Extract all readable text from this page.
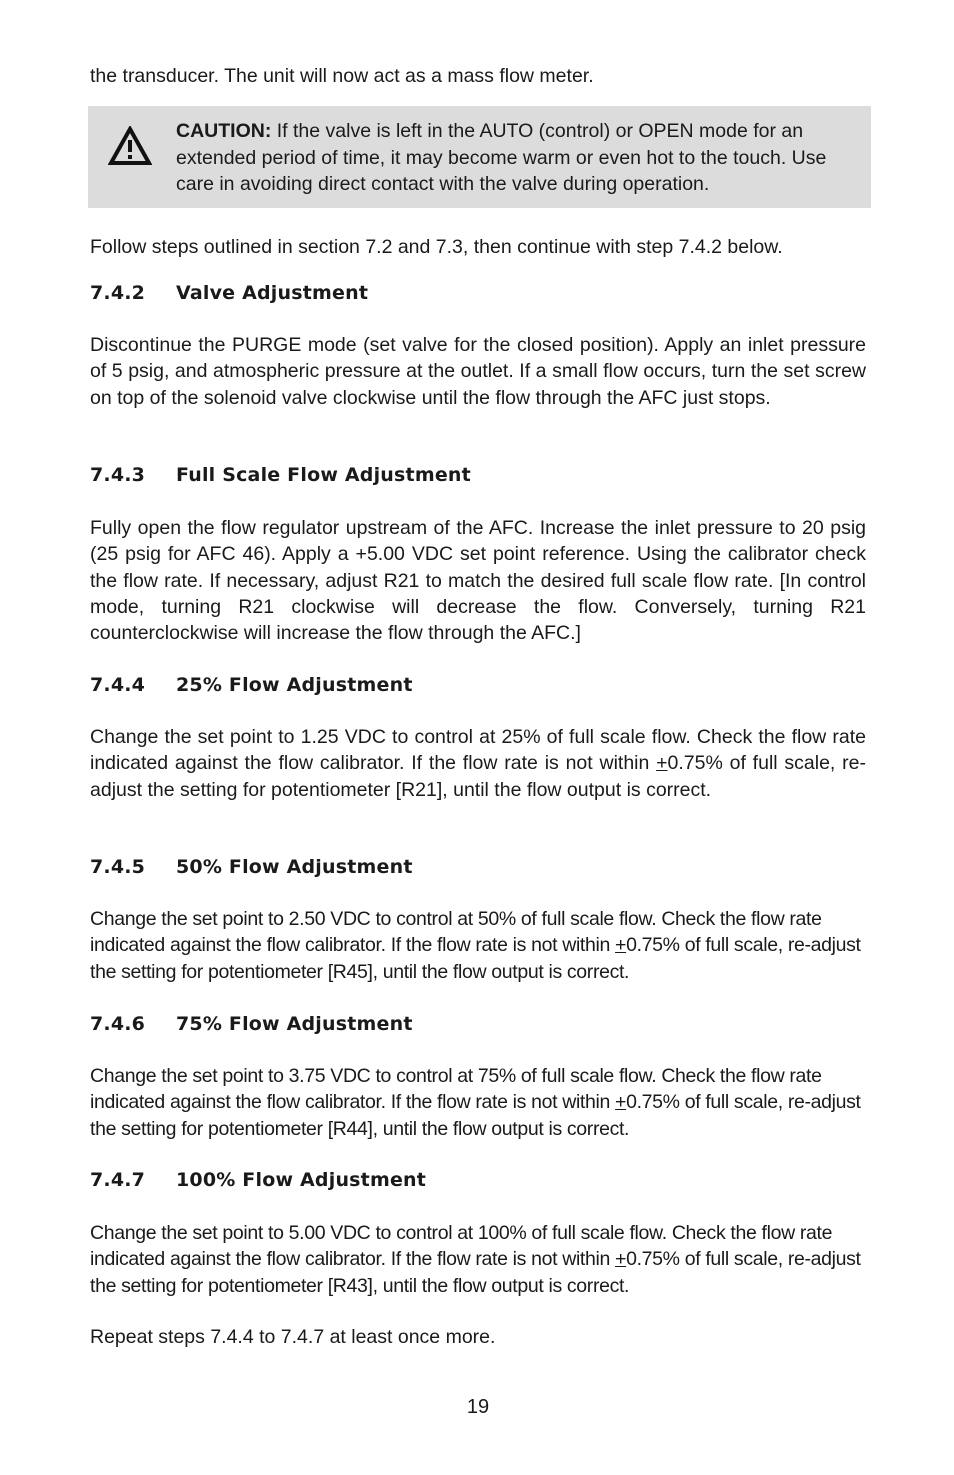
the transducer. The unit will now act as a mass flow meter.

CAUTION: If the valve is left in the AUTO (control) or OPEN mode for an extended period of time, it may become warm or even hot to the touch. Use care in avoiding direct contact with the valve during operation.

Follow steps outlined in section 7.2 and 7.3, then continue with step 7.4.2 below.

7.4.2 Valve Adjustment

Discontinue the PURGE mode (set valve for the closed position). Apply an inlet pressure of 5 psig, and atmospheric pressure at the outlet. If a small flow occurs, turn the set screw on top of the solenoid valve clockwise until the flow through the AFC just stops.

7.4.3 Full Scale Flow Adjustment

Fully open the flow regulator upstream of the AFC. Increase the inlet pressure to 20 psig (25 psig for AFC 46). Apply a +5.00 VDC set point reference. Using the calibrator check the flow rate. If necessary, adjust R21 to match the desired full scale flow rate. [In control mode, turning R21 clockwise will decrease the flow. Conversely, turning R21 counterclockwise will increase the flow through the AFC.]

7.4.4 25% Flow Adjustment

Change the set point to 1.25 VDC to control at 25% of full scale flow. Check the flow rate indicated against the flow calibrator. If the flow rate is not within +0.75% of full scale, re-adjust the setting for potentiometer [R21], until the flow output is correct.

7.4.5 50% Flow Adjustment

Change the set point to 2.50 VDC to control at 50% of full scale flow. Check the flow rate indicated against the flow calibrator. If the flow rate is not within +0.75% of full scale, re-adjust the setting for potentiometer [R45], until the flow output is correct.

7.4.6 75% Flow Adjustment

Change the set point to 3.75 VDC to control at 75% of full scale flow. Check the flow rate indicated against the flow calibrator. If the flow rate is not within +0.75% of full scale, re-adjust the setting for potentiometer [R44], until the flow output is correct.

7.4.7 100% Flow Adjustment

Change the set point to 5.00 VDC to control at 100% of full scale flow. Check the flow rate indicated against the flow calibrator. If the flow rate is not within +0.75% of full scale, re-adjust the setting for potentiometer [R43], until the flow output is correct.

Repeat steps 7.4.4 to 7.4.7 at least once more.

19
